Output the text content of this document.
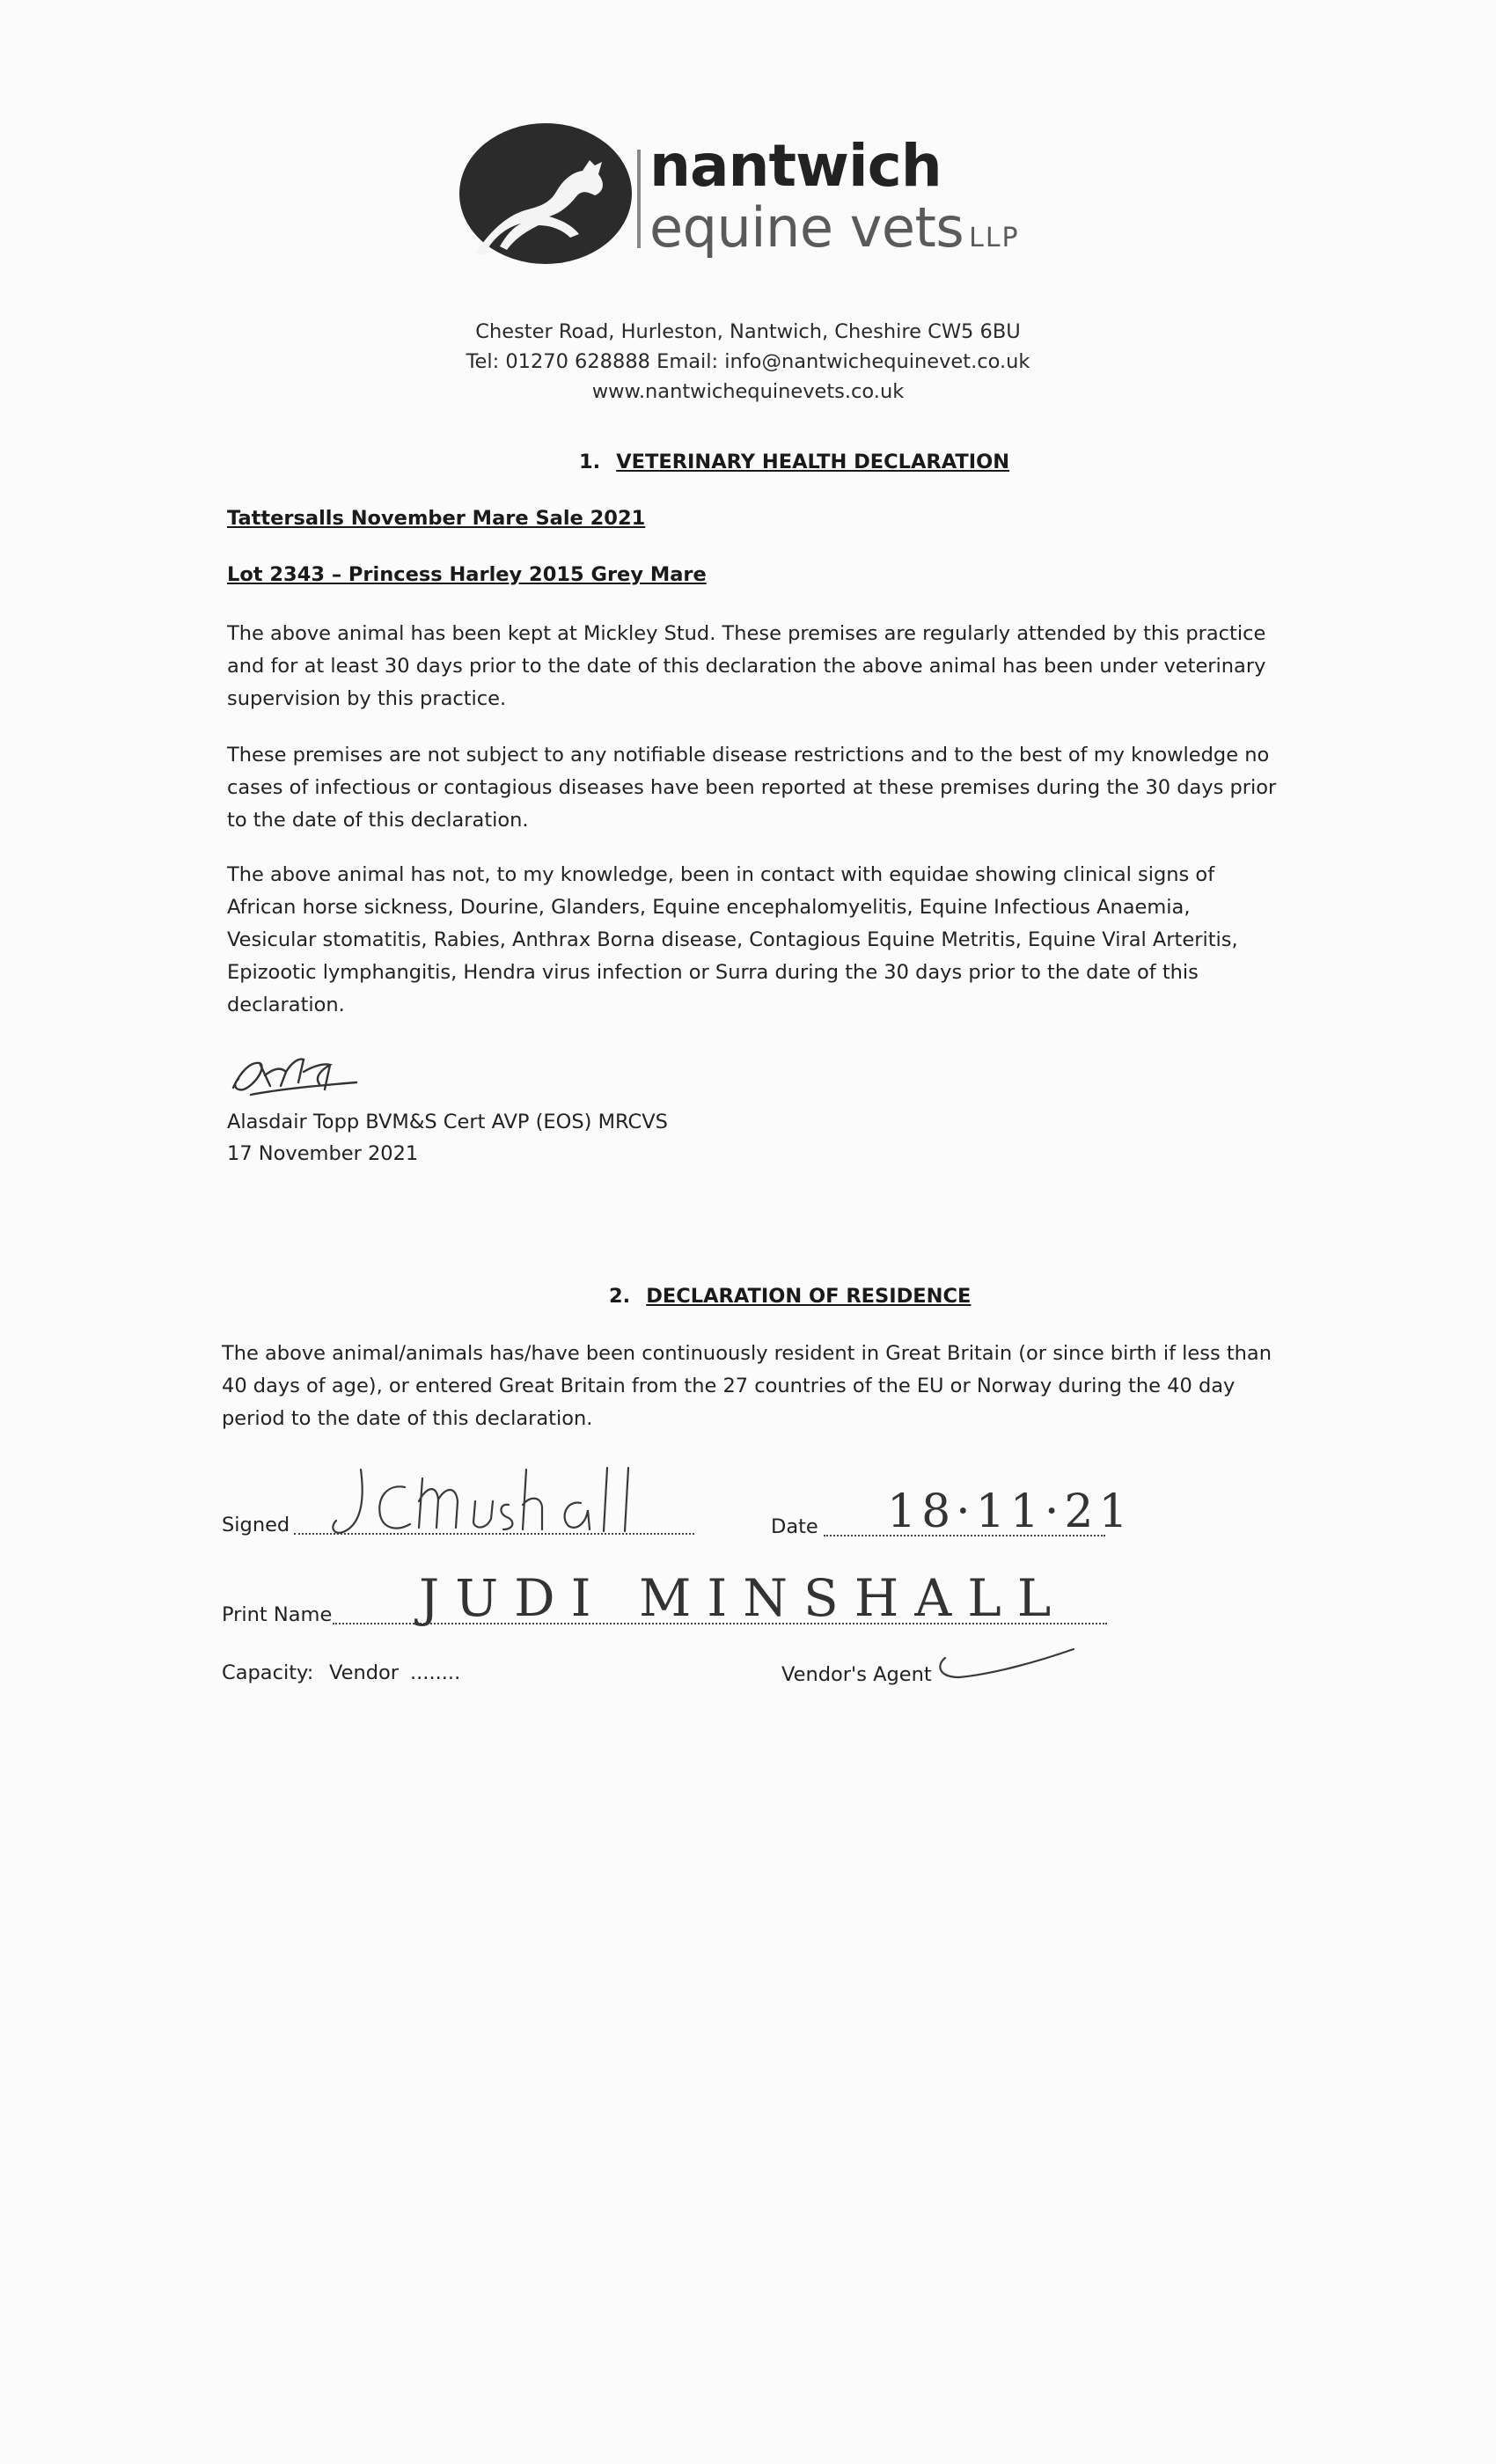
nantwich
equine vets LLP
Chester Road, Hurleston, Nantwich, Cheshire CW5 6BU
Tel: 01270 628888 Email: info@nantwichequinevet.co.uk
www.nantwichequinevets.co.uk
1. VETERINARY HEALTH DECLARATION
Tattersalls November Mare Sale 2021
Lot 2343 – Princess Harley 2015 Grey Mare

The above animal has been kept at Mickley Stud. These premises are regularly attended by this practice and for at least 30 days prior to the date of this declaration the above animal has been under veterinary supervision by this practice.

These premises are not subject to any notifiable disease restrictions and to the best of my knowledge no cases of infectious or contagious diseases have been reported at these premises during the 30 days prior to the date of this declaration.

The above animal has not, to my knowledge, been in contact with equidae showing clinical signs of African horse sickness, Dourine, Glanders, Equine encephalomyelitis, Equine Infectious Anaemia, Vesicular stomatitis, Rabies, Anthrax Borna disease, Contagious Equine Metritis, Equine Viral Arteritis, Epizootic lymphangitis, Hendra virus infection or Surra during the 30 days prior to the date of this declaration.

Alasdair Topp BVM&S Cert AVP (EOS) MRCVS
17 November 2021
2. DECLARATION OF RESIDENCE

The above animal/animals has/have been continuously resident in Great Britain (or since birth if less than 40 days of age), or entered Great Britain from the 27 countries of the EU or Norway during the 40 day period to the date of this declaration.

Signed	Date 18·11·21
Print Name JUDI MINSHALL
Capacity: Vendor ........	Vendor's Agent
